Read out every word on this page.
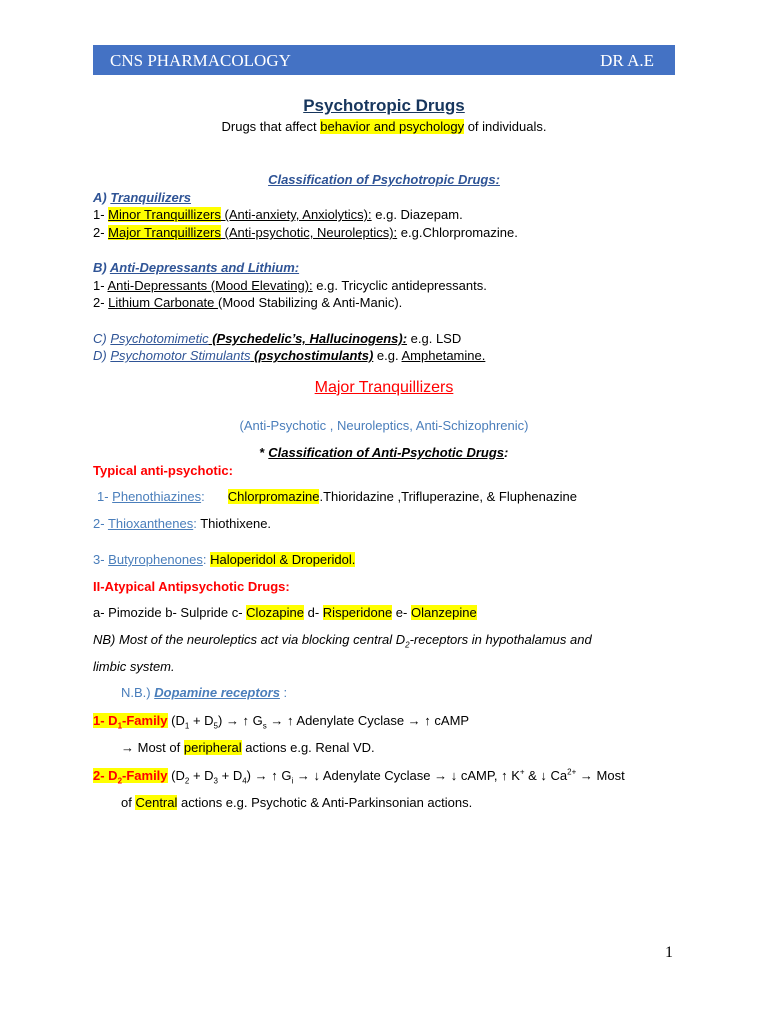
CNS PHARMACOLOGY	DR A.E
Psychotropic Drugs
Drugs that affect behavior and psychology of individuals.
Classification of Psychotropic Drugs:
A) Tranquilizers
1- Minor Tranquillizers (Anti-anxiety, Anxiolytics): e.g. Diazepam.
2- Major Tranquillizers (Anti-psychotic, Neuroleptics): e.g.Chlorpromazine.
B) Anti-Depressants and Lithium:
1- Anti-Depressants (Mood Elevating): e.g. Tricyclic antidepressants.
2- Lithium Carbonate (Mood Stabilizing & Anti-Manic).
C) Psychotomimetic (Psychedelic’s, Hallucinogens): e.g. LSD
D) Psychomotor Stimulants (psychostimulants) e.g. Amphetamine.
Major Tranquillizers
(Anti-Psychotic , Neuroleptics, Anti-Schizophrenic)
* Classification of Anti-Psychotic Drugs:
Typical anti-psychotic:
1- Phenothiazines: Chlorpromazine.Thioridazine ,Trifluperazine, & Fluphenazine
2- Thioxanthenes: Thiothixene.
3- Butyrophenones: Haloperidol & Droperidol.
II-Atypical Antipsychotic Drugs:
a- Pimozide b- Sulpride c- Clozapine d- Risperidone e- Olanzepine
NB) Most of the neuroleptics act via blocking central $D_2$-receptors in hypothalamus and
limbic system.
N.B.) Dopamine receptors :
1- $D_1$-Family $(D_1 + D_5)$ → ↑ $G_s$ → ↑ Adenylate Cyclase → ↑ cAMP
→ Most of peripheral actions e.g. Renal VD.
2- $D_2$-Family $(D_2 + D_3 + D_4)$ → ↑ $G_i$ → ↓ Adenylate Cyclase → ↓ cAMP, ↑ K+ & ↓ $Ca^{2+}$ → Most
of Central actions e.g. Psychotic & Anti-Parkinsonian actions.
1
